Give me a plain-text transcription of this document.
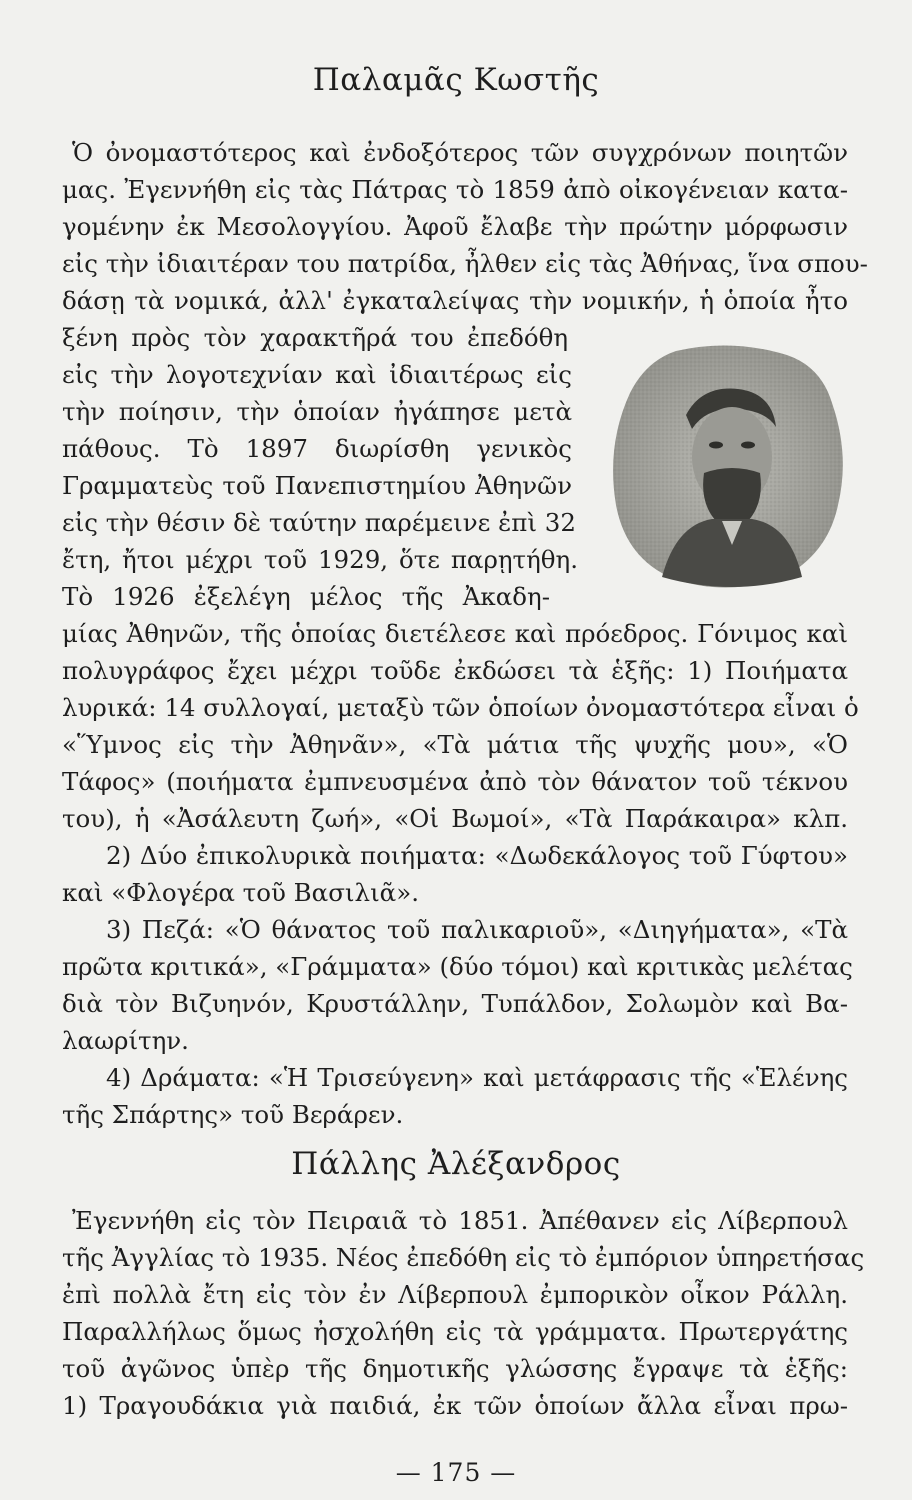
Παλαμᾶς Κωστῆς
Ὁ ὀνομαστότερος καὶ ἐνδοξότερος τῶν συγχρόνων ποιητῶν
μας. Ἐγεννήθη εἰς τὰς Πάτρας τὸ 1859 ἀπὸ οἰκογένειαν κατα-
γομένην ἐκ Μεσολογγίου. Ἀφοῦ ἔλαβε τὴν πρώτην μόρφωσιν
εἰς τὴν ἰδιαιτέραν του πατρίδα, ἦλθεν εἰς τὰς Ἀθήνας, ἵνα σπου-
δάσῃ τὰ νομικά, ἀλλ' ἐγκαταλείψας τὴν νομικήν, ἡ ὁποία ἦτο
ξένη πρὸς τὸν χαρακτῆρά του ἐπεδόθη
εἰς τὴν λογοτεχνίαν καὶ ἰδιαιτέρως εἰς
τὴν ποίησιν, τὴν ὁποίαν ἠγάπησε μετὰ
πάθους. Τὸ 1897 διωρίσθη γενικὸς
Γραμματεὺς τοῦ Πανεπιστημίου Ἀθηνῶν
εἰς τὴν θέσιν δὲ ταύτην παρέμεινε ἐπὶ 32
ἔτη, ἤτοι μέχρι τοῦ 1929, ὅτε παρῃτήθη.
Τὸ 1926 ἐξελέγη μέλος τῆς Ἀκαδη-
μίας Ἀθηνῶν, τῆς ὁποίας διετέλεσε καὶ πρόεδρος. Γόνιμος καὶ
πολυγράφος ἔχει μέχρι τοῦδε ἐκδώσει τὰ ἑξῆς: 1) Ποιήματα
λυρικά: 14 συλλογαί, μεταξὺ τῶν ὁποίων ὀνομαστότερα εἶναι ὁ
«Ὕμνος εἰς τὴν Ἀθηνᾶν», «Τὰ μάτια τῆς ψυχῆς μου», «Ὁ
Τάφος» (ποιήματα ἐμπνευσμένα ἀπὸ τὸν θάνατον τοῦ τέκνου
του), ἡ «Ἀσάλευτη ζωή», «Οἱ Βωμοί», «Τὰ Παράκαιρα» κλπ.
2) Δύο ἐπικολυρικὰ ποιήματα: «Δωδεκάλογος τοῦ Γύφτου»
καὶ «Φλογέρα τοῦ Βασιλιᾶ».
3) Πεζά: «Ὁ θάνατος τοῦ παλικαριοῦ», «Διηγήματα», «Τὰ
πρῶτα κριτικά», «Γράμματα» (δύο τόμοι) καὶ κριτικὰς μελέτας
διὰ τὸν Βιζυηνόν, Κρυστάλλην, Τυπάλδον, Σολωμὸν καὶ Βα-
λαωρίτην.
4) Δράματα: «Ἡ Τρισεύγενη» καὶ μετάφρασις τῆς «Ἑλένης
τῆς Σπάρτης» τοῦ Βεράρεν.
Πάλλης Ἀλέξανδρος
Ἐγεννήθη εἰς τὸν Πειραιᾶ τὸ 1851. Ἀπέθανεν εἰς Λίβερπουλ
τῆς Ἀγγλίας τὸ 1935. Νέος ἐπεδόθη εἰς τὸ ἐμπόριον ὑπηρετήσας
ἐπὶ πολλὰ ἔτη εἰς τὸν ἐν Λίβερπουλ ἐμπορικὸν οἶκον Ράλλη.
Παραλλήλως ὅμως ἠσχολήθη εἰς τὰ γράμματα. Πρωτεργάτης
τοῦ ἀγῶνος ὑπὲρ τῆς δημοτικῆς γλώσσης ἔγραψε τὰ ἑξῆς:
1) Τραγουδάκια γιὰ παιδιά, ἐκ τῶν ὁποίων ἄλλα εἶναι πρω-
— 175 —
